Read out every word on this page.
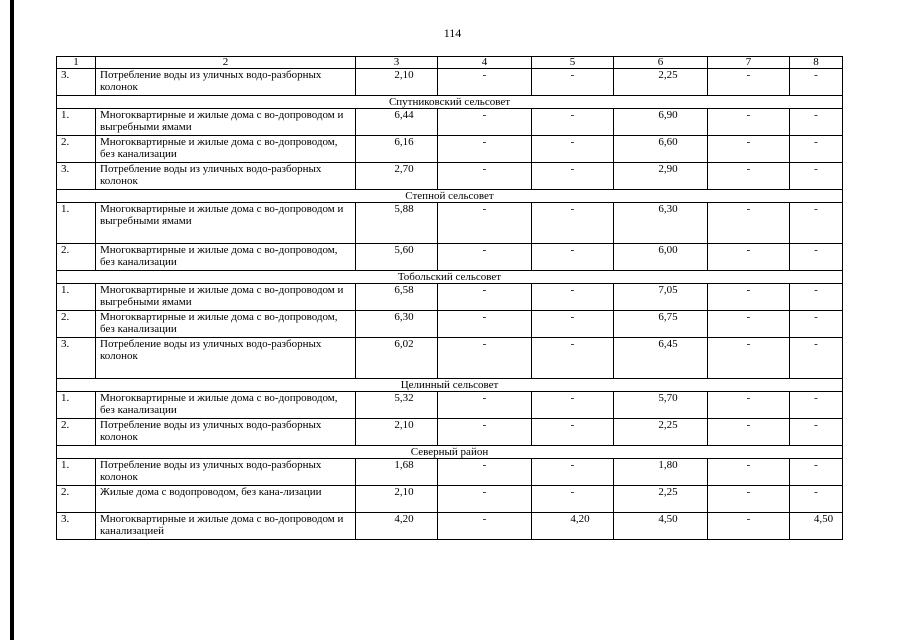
114
1	2	3	4	5	6	7	8
3.	Потребление воды из уличных водо-разборных колонок	2,10	-	-	2,25	-	-
Спутниковский сельсовет							
1.	Многоквартирные и жилые дома с во-допроводом и выгребными ямами	6,44	-	-	6,90	-	-
2.	Многоквартирные и жилые дома с во-допроводом, без канализации	6,16	-	-	6,60	-	-
3.	Потребление воды из уличных водо-разборных колонок	2,70	-	-	2,90	-	-
Степной сельсовет							
1.	Многоквартирные и жилые дома с во-допроводом и выгребными ямами	5,88	-	-	6,30	-	-
2.	Многоквартирные и жилые дома с во-допроводом, без канализации	5,60	-	-	6,00	-	-
Тобольский сельсовет							
1.	Многоквартирные и жилые дома с во-допроводом и выгребными ямами	6,58	-	-	7,05	-	-
2.	Многоквартирные и жилые дома с во-допроводом, без канализации	6,30	-	-	6,75	-	-
3.	Потребление воды из уличных водо-разборных колонок	6,02	-	-	6,45	-	-
Целинный сельсовет							
1.	Многоквартирные и жилые дома с во-допроводом, без канализации	5,32	-	-	5,70	-	-
2.	Потребление воды из уличных водо-разборных колонок	2,10	-	-	2,25	-	-
Северный район							
1.	Потребление воды из уличных водо-разборных колонок	1,68	-	-	1,80	-	-
2.	Жилые дома с водопроводом, без кана-лизации	2,10	-	-	2,25	-	-
3.	Многоквартирные и жилые дома с во-допроводом и канализацией	4,20	-	4,20	4,50	-	4,50
